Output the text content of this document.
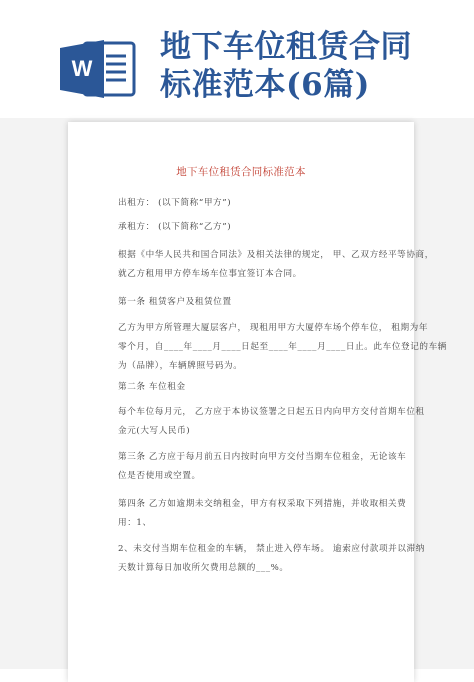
W
地下车位租赁合同
标准范本(6篇)
地下车位租赁合同标准范本
出租方： (以下简称“甲方”)
承租方： (以下简称“乙方”)
根据《中华人民共和国合同法》及相关法律的规定， 甲、乙双方经平等协商，
就乙方租用甲方停车场车位事宜签订本合同。
第一条 租赁客户及租赁位置
乙方为甲方所管理大厦层客户， 现租用甲方大厦停车场个停车位， 租期为年
零个月，自____年____月____日起至____年____月____日止。此车位登记的车辆
为（品牌），车辆牌照号码为。
第二条 车位租金
每个车位每月元， 乙方应于本协议签署之日起五日内向甲方交付首期车位租
金元(大写人民币)
第三条 乙方应于每月前五日内按时向甲方交付当期车位租金，无论该车
位是否使用或空置。
第四条 乙方如逾期未交纳租金，甲方有权采取下列措施，并收取相关费
用：1、
2、未交付当期车位租金的车辆， 禁止进入停车场。 逾索应付款项并以滞纳
天数计算每日加收所欠费用总额的___%。
